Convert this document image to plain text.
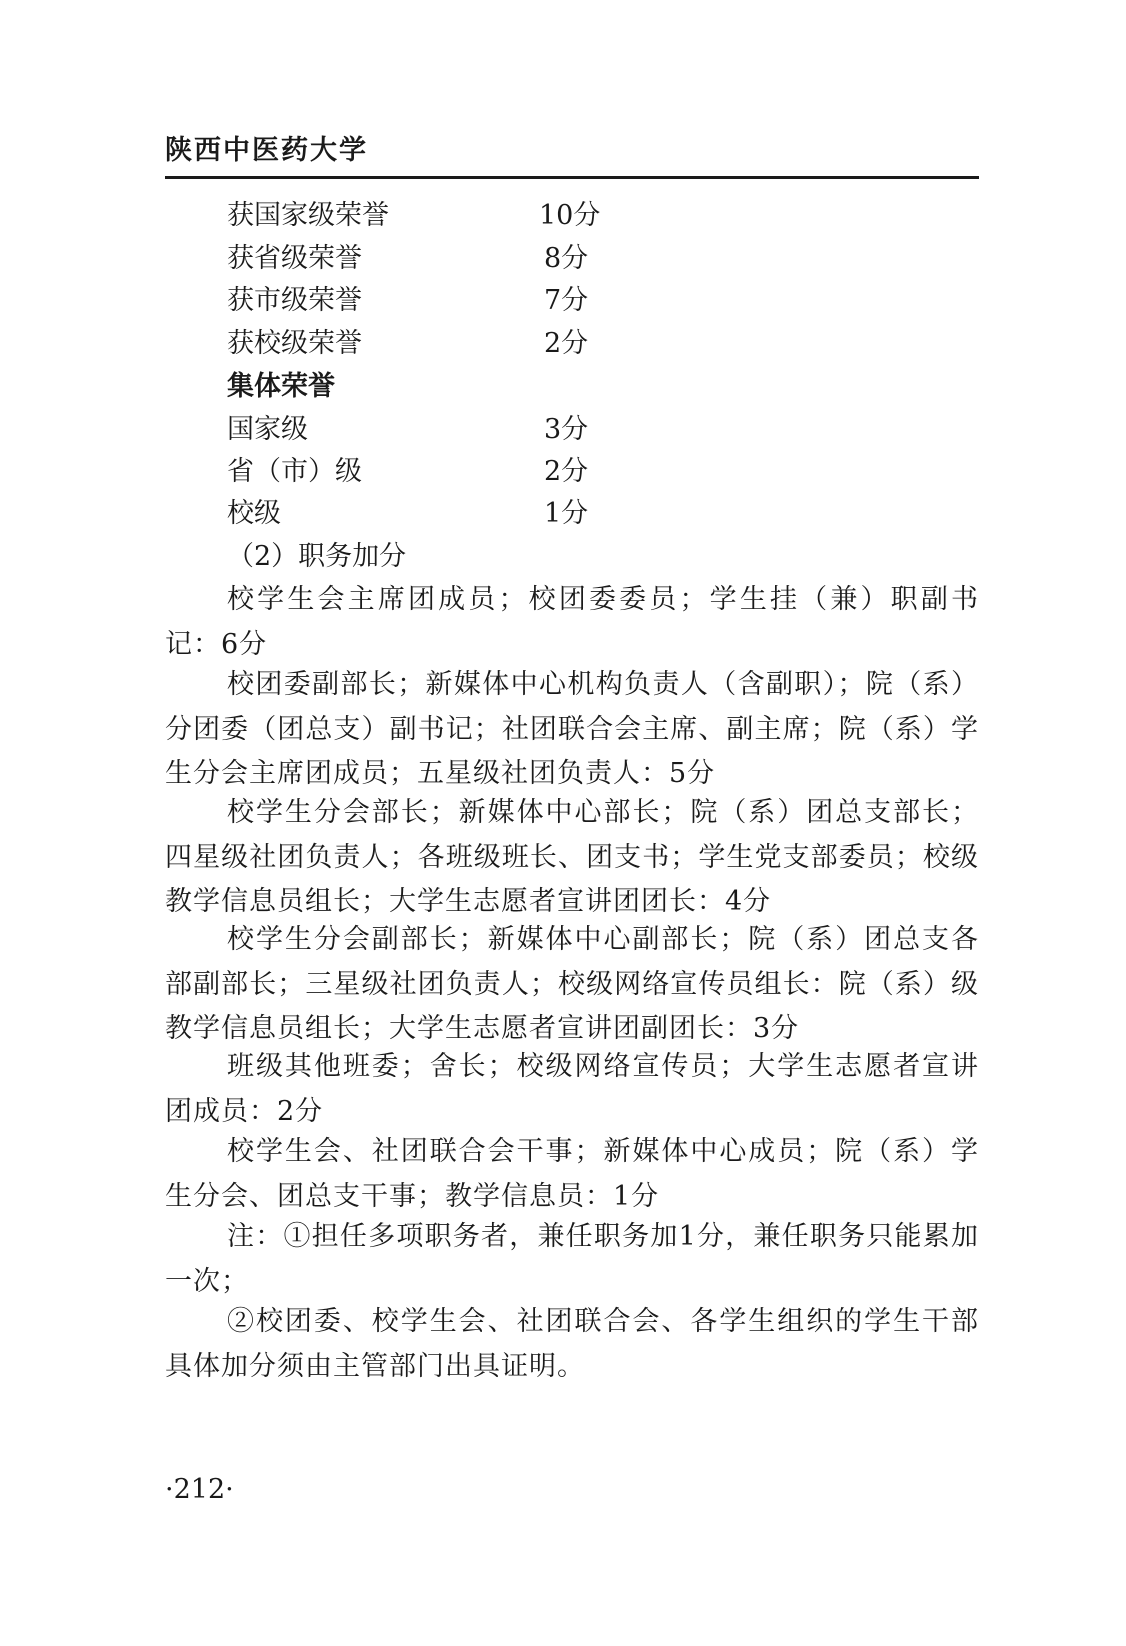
陕西中医药大学
获国家级荣誉	10分
获省级荣誉	8分
获市级荣誉	7分
获校级荣誉	2分
集体荣誉
国家级	3分
省（市）级	2分
校级	1分
（2）职务加分
校学生会主席团成员；校团委委员；学生挂（兼）职副书记：6分
校团委副部长；新媒体中心机构负责人（含副职）；院（系）分团委（团总支）副书记；社团联合会主席、副主席；院（系）学生分会主席团成员；五星级社团负责人：5分
校学生分会部长；新媒体中心部长；院（系）团总支部长；四星级社团负责人；各班级班长、团支书；学生党支部委员；校级教学信息员组长；大学生志愿者宣讲团团长：4分
校学生分会副部长；新媒体中心副部长；院（系）团总支各部副部长；三星级社团负责人；校级网络宣传员组长：院（系）级教学信息员组长；大学生志愿者宣讲团副团长：3分
班级其他班委；舍长；校级网络宣传员；大学生志愿者宣讲团成员：2分
校学生会、社团联合会干事；新媒体中心成员；院（系）学生分会、团总支干事；教学信息员：1分
注：①担任多项职务者，兼任职务加1分，兼任职务只能累加一次；
②校团委、校学生会、社团联合会、各学生组织的学生干部具体加分须由主管部门出具证明。
·212·
